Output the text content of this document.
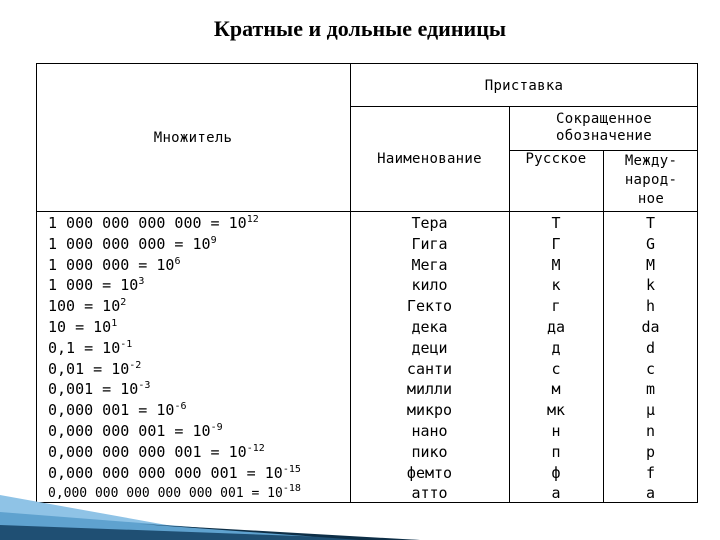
Кратные и дольные единицы
Множитель
Приставка
Наименование
Сокращенное
обозначение
Русское	Между-
народ-
ное
1 000 000 000 $000 = 10^{12}$	Тера	Т	T
1 000 000 $000 = 10^9$	Гига	Г	G
1 000 $000 = 10^6$	Мега	М	M
1 $000 = 10^3$	кило	к	k
$100 = 10^2$	Гекто	г	h
$10 = 10^1$	дека	да	da
$0,1 = 10^{-1}$	деци	д	d
$0,01 = 10^{-2}$	санти	с	c
$0,001 = 10^{-3}$	милли	м	m
0,000 $001 = 10^{-6}$	микро	мк	μ
0,000 000 $001 = 10^{-9}$	нано	н	n
0,000 000 000 $001 = 10^{-12}$	пико	п	p
0,000 000 000 000 $001 = 10^{-15}$	фемто	ф	f
0,000 000 000 000 000 $001 = 10^{-18}$	атто	а	a
